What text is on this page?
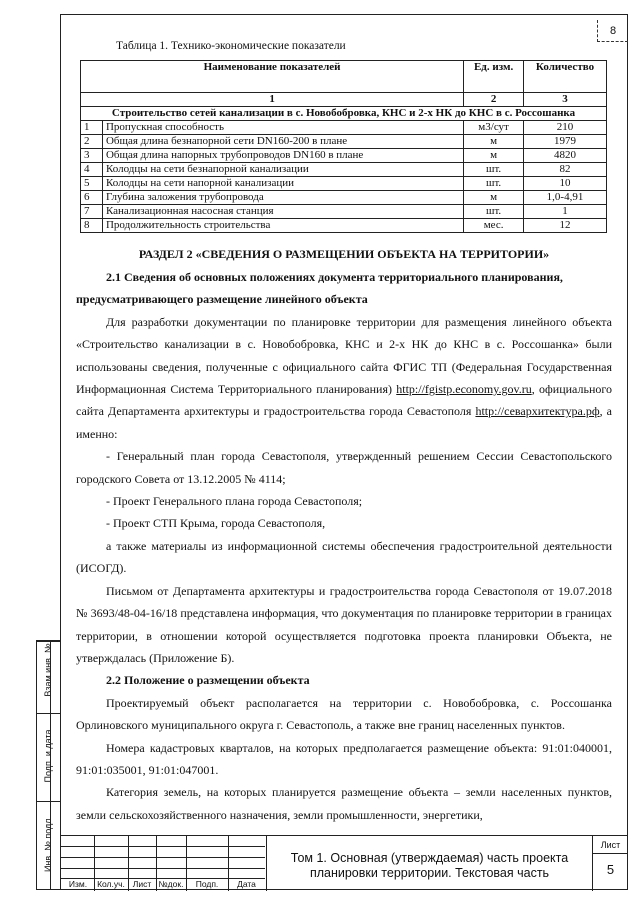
8
Взам.инв. №
Подп. и дата
Инв. № подл.
Таблица 1. Технико-экономические показатели
Наименование показателей		Ед. изм.	Количество
1		2	3
Строительство сетей канализации в с. Новобобровка, КНС и 2-х НК до КНС в с. Россошанка			
1	Пропускная способность	м3/сут	210
2	Общая длина безнапорной сети DN160-200 в плане	м	1979
3	Общая длина напорных трубопроводов DN160 в плане	м	4820
4	Колодцы на сети безнапорной канализации	шт.	82
5	Колодцы на сети напорной канализации	шт.	10
6	Глубина заложения трубопровода	м	1,0-4,91
7	Канализационная насосная станция	шт.	1
8	Продолжительность строительства	мес.	12
РАЗДЕЛ 2 «СВЕДЕНИЯ О РАЗМЕЩЕНИИ ОБЪЕКТА НА ТЕРРИТОРИИ»

2.1 Сведения об основных положениях документа территориального планирования, предусматривающего размещение линейного объекта

Для разработки документации по планировке территории для размещения линейного объекта «Строительство канализации в с. Новобобровка, КНС и 2-х НК до КНС в с. Россошанка» были использованы сведения, полученные с официального сайта ФГИС ТП (Федеральная Государственная Информационная Система Территориального планирования) http://fgistp.economy.gov.ru, официального сайта Департамента архитектуры и градостроительства города Севастополя http://севархитектура.рф, а именно:

- Генеральный план города Севастополя, утвержденный решением Сессии Севастопольского городского Совета от 13.12.2005 № 4114;

- Проект Генерального плана города Севастополя;

- Проект СТП Крыма, города Севастополя,

а также материалы из информационной системы обеспечения градостроительной деятельности (ИСОГД).

Письмом от Департамента архитектуры и градостроительства города Севастополя от 19.07.2018 № 3693/48-04-16/18 представлена информация, что документация по планировке территории в границах территории, в отношении которой осуществляется подготовка проекта планировки Объекта, не утверждалась (Приложение Б).

2.2 Положение о размещении объекта

Проектируемый объект располагается на территории с. Новобобровка, с. Россошанка Орлиновского муниципального округа г. Севастополь, а также вне границ населенных пунктов.

Номера кадастровых кварталов, на которых предполагается размещение объекта: 91:01:040001, 91:01:035001, 91:01:047001.

Категория земель, на которых планируется размещение объекта – земли населенных пунктов, земли сельскохозяйственного назначения, земли промышленности, энергетики,

Изм.	Кол.уч. Лист №док.	Подп.	Дата
Том 1. Основная (утверждаемая) часть проекта планировки территории. Текстовая часть
Лист
5
